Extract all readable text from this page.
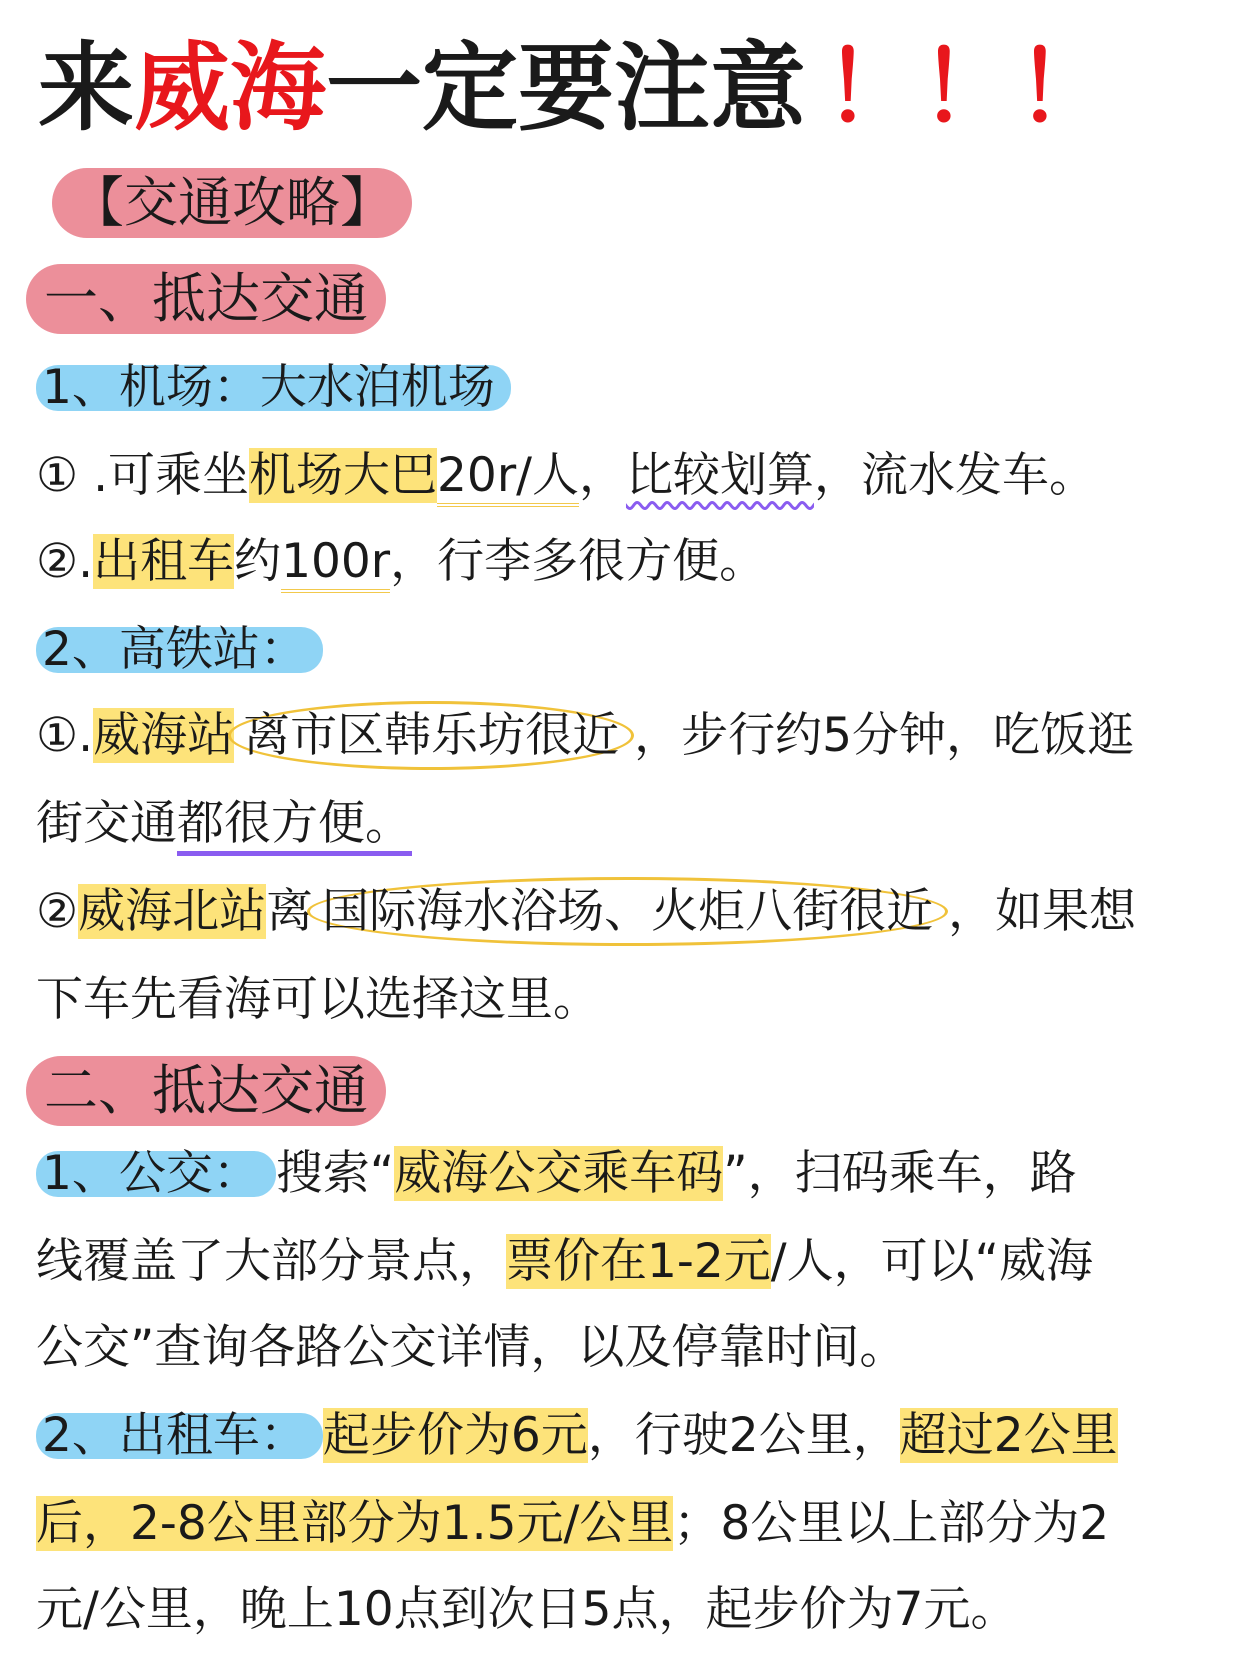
来威海一定要注意 ！！！
【交通攻略】
一、抵达交通
1、机场：大水泊机场
① .可乘坐机场大巴20r/人，比较划算，流水发车。
②.出租车约100r，行李多很方便。
2、高铁站：
①.威海站 离市区韩乐坊很近 ，步行约5分钟，吃饭逛
街交通都很方便。
②威海北站离 国际海水浴场、火炬八街很近 ，如果想
下车先看海可以选择这里。
二、抵达交通
1、公交： 搜索“威海公交乘车码”，扫码乘车，路
线覆盖了大部分景点，票价在1-2元/人，可以“威海
公交”查询各路公交详情，以及停靠时间。
2、出租车： 起步价为6元，行驶2公里，超过2公里
后，2-8公里部分为1.5元/公里；8公里以上部分为2
元/公里，晚上10点到次日5点，起步价为7元。
